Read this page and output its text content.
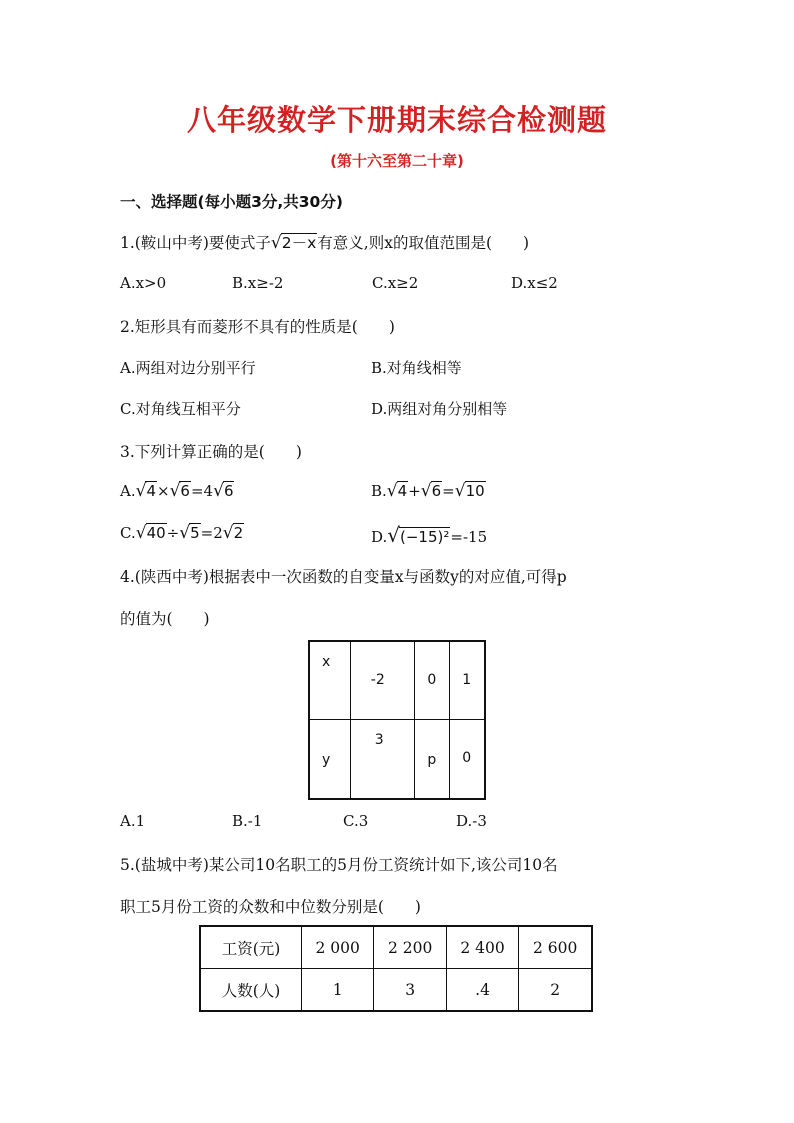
八年级数学下册期末综合检测题
(第十六至第二十章)
一、选择题(每小题3分,共30分)
1.(鞍山中考)要使式子√2－x有意义,则x的取值范围是(　　)
A.x>0	B.x≥-2	C.x≥2	D.x≤2
2.矩形具有而菱形不具有的性质是(　　)
A.两组对边分别平行	B.对角线相等
C.对角线互相平分	D.两组对角分别相等
3.下列计算正确的是(　　)
A.√4×√6=4√6	B.√4+√6=√10
C.√40÷√5=2√2	D.√(−15)²=-15
4.(陕西中考)根据表中一次函数的自变量x与函数y的对应值,可得p
的值为(　　)
x	-2	0	1

y	3	p	0
A.1	B.-1	C.3	D.-3
5.(盐城中考)某公司10名职工的5月份工资统计如下,该公司10名
职工5月份工资的众数和中位数分别是(　　)
工资(元)	2 000	2 200	2 400	2 600
人数(人)	1	3	.4	2
